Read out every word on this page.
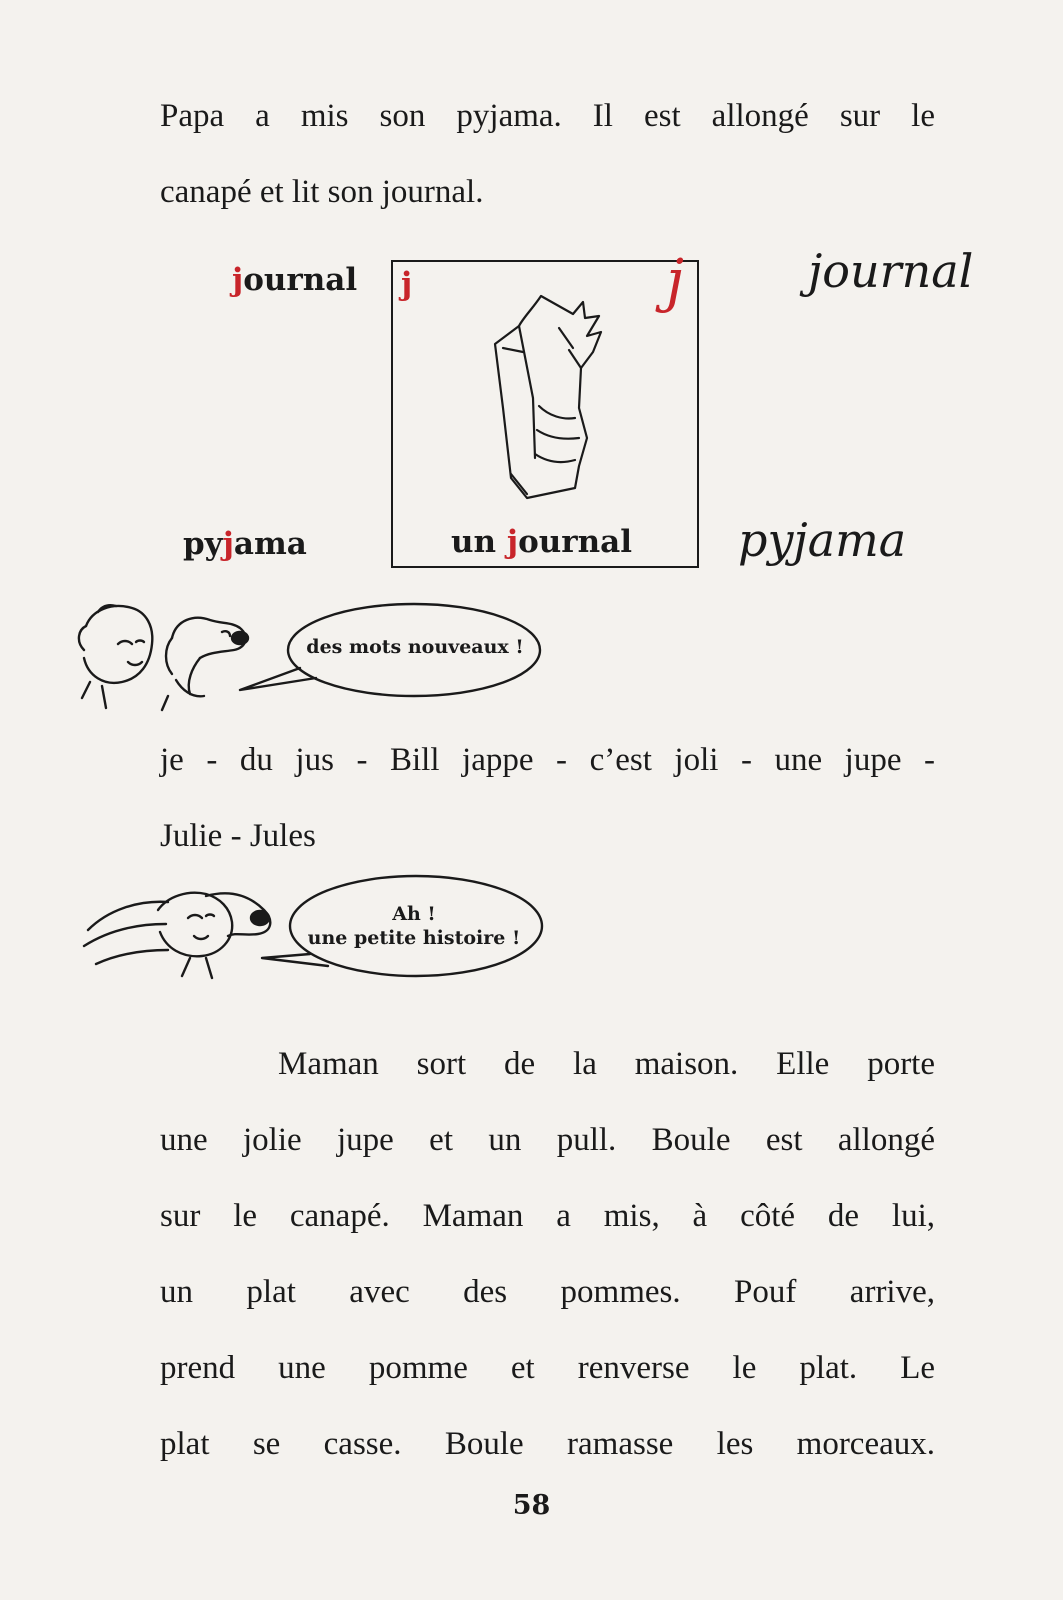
Papa a mis son pyjama. Il est allongé sur le
canapé et lit son journal.
journal j
un journal
j	journal
pyjama	pyjama
des mots nouveaux !
je - du jus - Bill jappe - c’est joli - une jupe -
Julie - Jules
Ah !
une petite histoire !
Maman sort de la maison. Elle porte
une jolie jupe et un pull. Boule est allongé
sur le canapé. Maman a mis, à côté de lui,
un plat avec des pommes. Pouf arrive,
prend une pomme et renverse le plat. Le
plat se casse. Boule ramasse les morceaux.
58
